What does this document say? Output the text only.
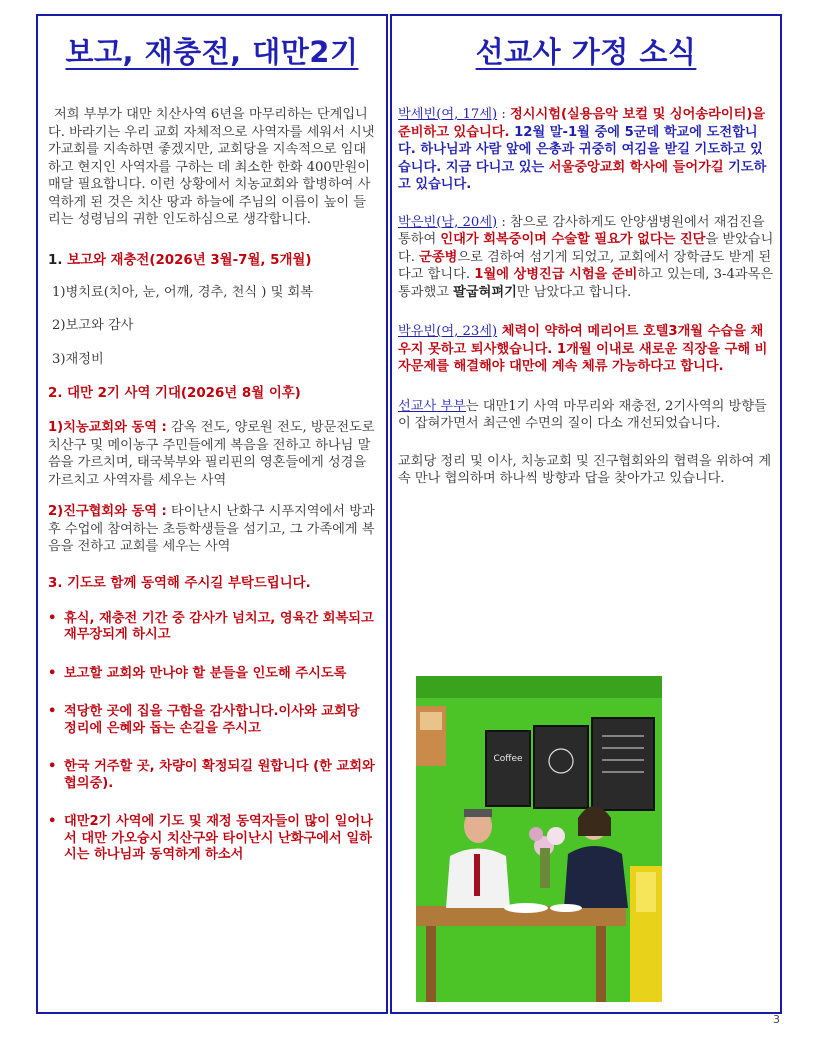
보고, 재충전, 대만2기

저희 부부가 대만 치산사역 6년을 마무리하는 단계입니다. 바라기는 우리 교회 자체적으로 사역자를 세워서 시냇가교회를 지속하면 좋겠지만, 교회당을 지속적으로 임대하고 현지인 사역자를 구하는 데 최소한 한화 400만원이 매달 필요합니다. 이런 상황에서 치농교회와 합병하여 사역하게 된 것은 치산 땅과 하늘에 주님의 이름이 높이 들리는 성령님의 귀한 인도하심으로 생각합니다.

1. 보고와 재충전(2026년 3월-7월, 5개월)
1)병치료(치아, 눈, 어깨, 경추, 천식 ) 및 회복
2)보고와 감사
3)재정비
2. 대만 2기 사역 기대(2026년 8월 이후)

1)치농교회와 동역 : 감옥 전도, 양로원 전도, 방문전도로 치산구 및 메이농구 주민들에게 복음을 전하고 하나님 말씀을 가르치며, 태국북부와 필리핀의 영혼들에게 성경을 가르치고 사역자를 세우는 사역

2)진구협회와 동역 : 타이난시 난화구 시푸지역에서 방과후 수업에 참여하는 초등학생들을 섬기고, 그 가족에게 복음을 전하고 교회를 세우는 사역

3. 기도로 함께 동역해 주시길 부탁드립니다.
• 휴식, 재충전 기간 중 감사가 넘치고, 영육간 회복되고 재무장되게 하시고
• 보고할 교회와 만나야 할 분들을 인도해 주시도록
• 적당한 곳에 집을 구함을 감사합니다.이사와 교회당 정리에 은혜와 돕는 손길을 주시고
• 한국 거주할 곳, 차량이 확정되길 원합니다 (한 교회와 협의중).
• 대만2기 사역에 기도 및 재정 동역자들이 많이 일어나서 대만 가오슝시 치산구와 타이난시 난화구에서 일하시는 하나님과 동역하게 하소서
선교사 가정 소식

박세빈(여, 17세) : 정시시험(실용음악 보컬 및 싱어송라이터)을 준비하고 있습니다. 12월 말-1월 중에 5군데 학교에 도전합니다. 하나님과 사람 앞에 은총과 귀중히 여김을 받길 기도하고 있습니다. 지금 다니고 있는 서울중앙교회 학사에 들어가길 기도하고 있습니다.

박은빈(남, 20세) : 참으로 감사하게도 안양샘병원에서 재검진을 통하여 인대가 회복중이며 수술할 필요가 없다는 진단을 받았습니다. 군종병으로 겸하여 섬기게 되었고, 교회에서 장학금도 받게 된다고 합니다. 1월에 상병진급 시험을 준비하고 있는데, 3-4과목은 통과했고 팔굽혀펴기만 남았다고 합니다.

박유빈(여, 23세) 체력이 약하여 메리어트 호텔3개월 수습을 채우지 못하고 퇴사했습니다. 1개월 이내로 새로운 직장을 구해 비자문제를 해결해야 대만에 계속 체류 가능하다고 합니다.

선교사 부부는 대만1기 사역 마무리와 재충전, 2기사역의 방향들이 잡혀가면서 최근엔 수면의 질이 다소 개선되었습니다.

교회당 정리 및 이사, 치농교회 및 진구협회와의 협력을 위하여 계속 만나 협의하며 하나씩 방향과 답을 찾아가고 있습니다.

Coffee
3
